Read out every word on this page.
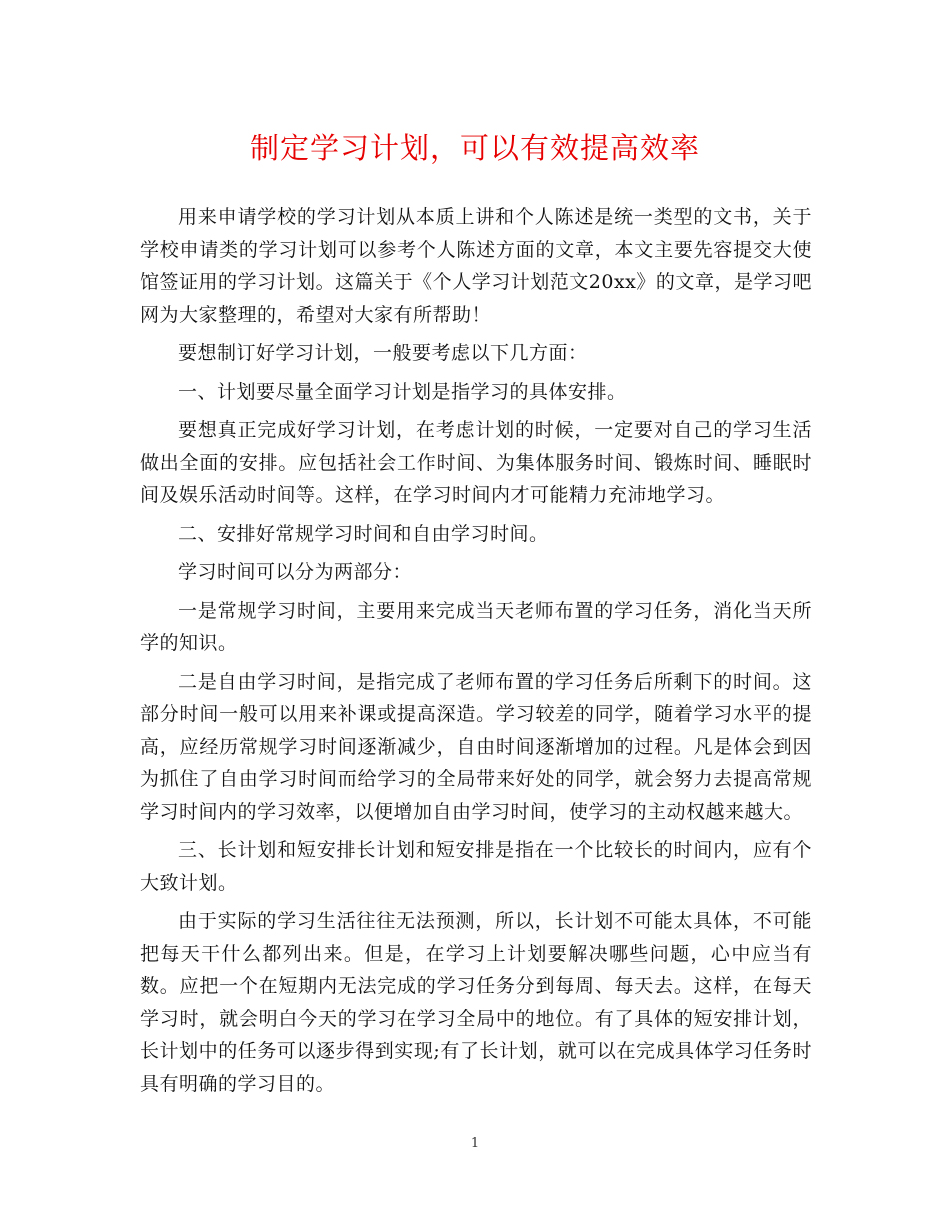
制定学习计划，可以有效提高效率

用来申请学校的学习计划从本质上讲和个人陈述是统一类型的文书，关于学校申请类的学习计划可以参考个人陈述方面的文章，本文主要先容提交大使馆签证用的学习计划。这篇关于《个人学习计划范文20xx》的文章，是学习吧网为大家整理的，希望对大家有所帮助！

要想制订好学习计划，一般要考虑以下几方面：

一、计划要尽量全面学习计划是指学习的具体安排。

要想真正完成好学习计划，在考虑计划的时候，一定要对自己的学习生活做出全面的安排。应包括社会工作时间、为集体服务时间、锻炼时间、睡眠时间及娱乐活动时间等。这样，在学习时间内才可能精力充沛地学习。

二、安排好常规学习时间和自由学习时间。

学习时间可以分为两部分：

一是常规学习时间，主要用来完成当天老师布置的学习任务，消化当天所学的知识。

二是自由学习时间，是指完成了老师布置的学习任务后所剩下的时间。这部分时间一般可以用来补课或提高深造。学习较差的同学，随着学习水平的提高，应经历常规学习时间逐渐减少，自由时间逐渐增加的过程。凡是体会到因为抓住了自由学习时间而给学习的全局带来好处的同学，就会努力去提高常规学习时间内的学习效率，以便增加自由学习时间，使学习的主动权越来越大。

三、长计划和短安排长计划和短安排是指在一个比较长的时间内，应有个大致计划。

由于实际的学习生活往往无法预测，所以，长计划不可能太具体，不可能把每天干什么都列出来。但是，在学习上计划要解决哪些问题，心中应当有数。应把一个在短期内无法完成的学习任务分到每周、每天去。这样，在每天学习时，就会明白今天的学习在学习全局中的地位。有了具体的短安排计划，长计划中的任务可以逐步得到实现;有了长计划，就可以在完成具体学习任务时具有明确的学习目的。

1
